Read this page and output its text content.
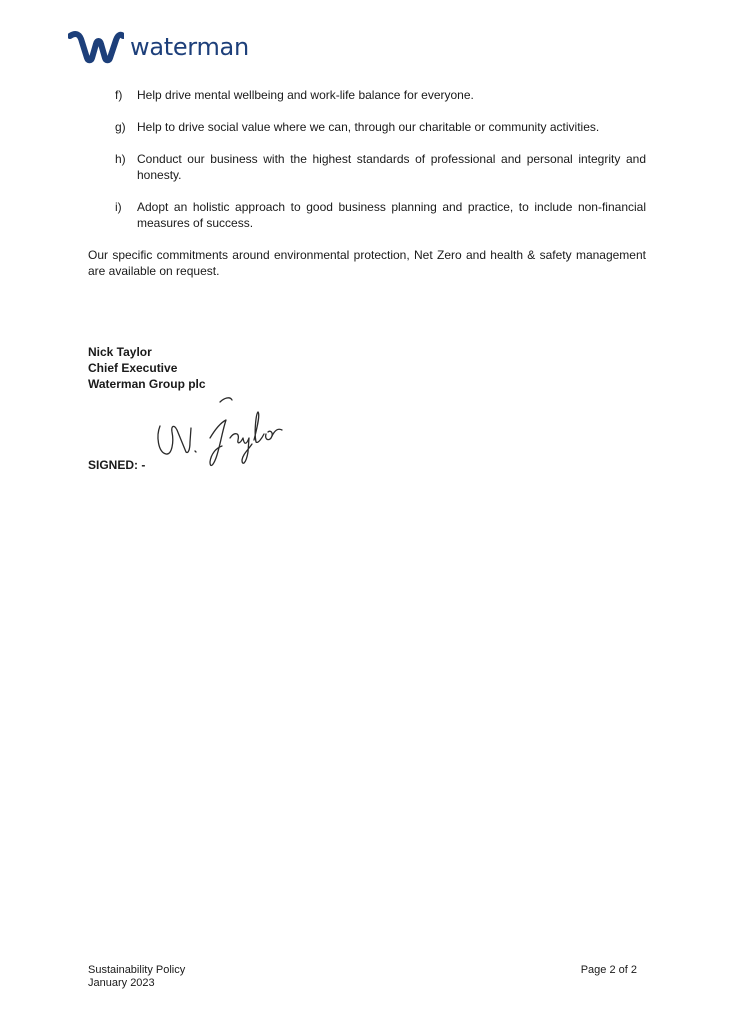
waterman
f)	Help drive mental wellbeing and work-life balance for everyone.
g) Help to drive social value where we can, through our charitable or community activities.
h) Conduct our business with the highest standards of professional and personal integrity and honesty.
i)	Adopt an holistic approach to good business planning and practice, to include non-financial measures of success.

Our specific commitments around environmental protection, Net Zero and health & safety management are available on request.

Nick Taylor
Chief Executive
Waterman Group plc
SIGNED: -
Sustainability Policy
January 2023
Page 2 of 2
